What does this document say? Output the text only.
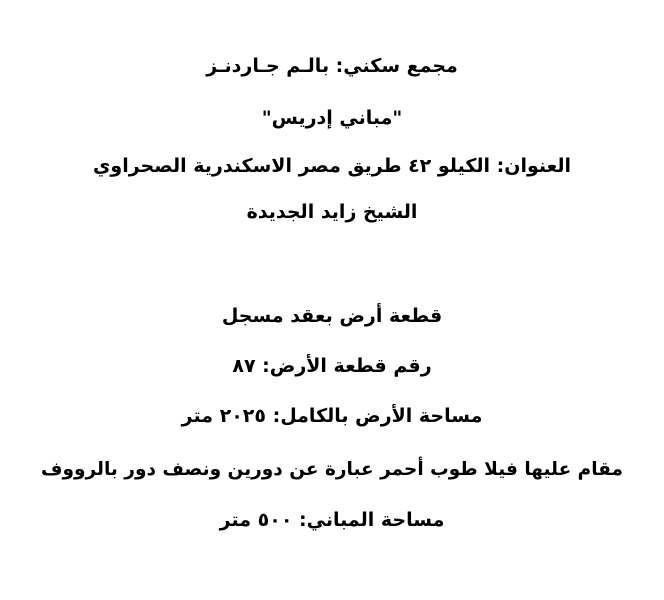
مجمع سكني: بالـم جـاردنـز
"مباني إدريس"
العنوان: الكيلو ٤٢ طريق مصر الاسكندرية الصحراوي
الشيخ زايد الجديدة
قطعة أرض بعقد مسجل
رقم قطعة الأرض: ٨٧
مساحة الأرض بالكامل: ٢٠٢٥ متر
مقام عليها فيلا طوب أحمر عبارة عن دورين ونصف دور بالرووف
مساحة المباني: ٥٠٠ متر
